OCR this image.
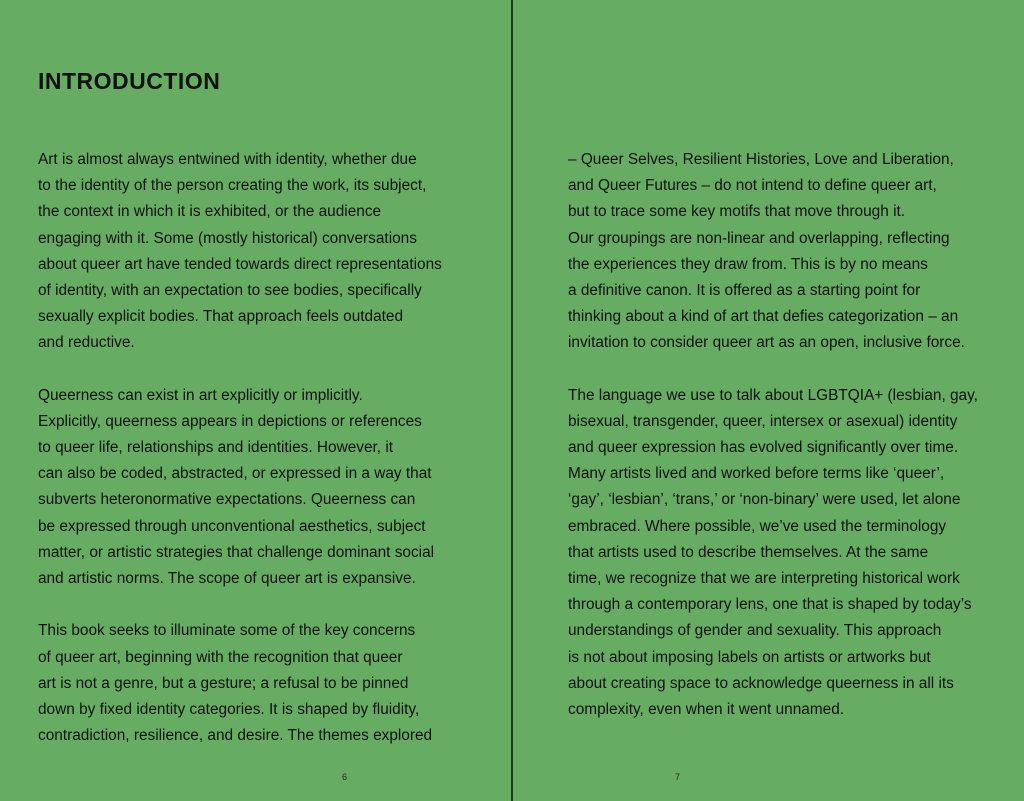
INTRODUCTION
Art is almost always entwined with identity, whether due
to the identity of the person creating the work, its subject,
the context in which it is exhibited, or the audience
engaging with it. Some (mostly historical) conversations
about queer art have tended towards direct representations
of identity, with an expectation to see bodies, specifically
sexually explicit bodies. That approach feels outdated
and reductive.
Queerness can exist in art explicitly or implicitly.
Explicitly, queerness appears in depictions or references
to queer life, relationships and identities. However, it
can also be coded, abstracted, or expressed in a way that
subverts heteronormative expectations. Queerness can
be expressed through unconventional aesthetics, subject
matter, or artistic strategies that challenge dominant social
and artistic norms. The scope of queer art is expansive.
This book seeks to illuminate some of the key concerns
of queer art, beginning with the recognition that queer
art is not a genre, but a gesture; a refusal to be pinned
down by fixed identity categories. It is shaped by fluidity,
contradiction, resilience, and desire. The themes explored
6
– Queer Selves, Resilient Histories, Love and Liberation,
and Queer Futures – do not intend to define queer art,
but to trace some key motifs that move through it.
Our groupings are non-linear and overlapping, reflecting
the experiences they draw from. This is by no means
a definitive canon. It is offered as a starting point for
thinking about a kind of art that defies categorization – an
invitation to consider queer art as an open, inclusive force.
The language we use to talk about LGBTQIA+ (lesbian, gay,
bisexual, transgender, queer, intersex or asexual) identity
and queer expression has evolved significantly over time.
Many artists lived and worked before terms like ‘queer’,
‘gay’, ‘lesbian’, ‘trans,’ or ‘non-binary’ were used, let alone
embraced. Where possible, we’ve used the terminology
that artists used to describe themselves. At the same
time, we recognize that we are interpreting historical work
through a contemporary lens, one that is shaped by today’s
understandings of gender and sexuality. This approach
is not about imposing labels on artists or artworks but
about creating space to acknowledge queerness in all its
complexity, even when it went unnamed.
7
